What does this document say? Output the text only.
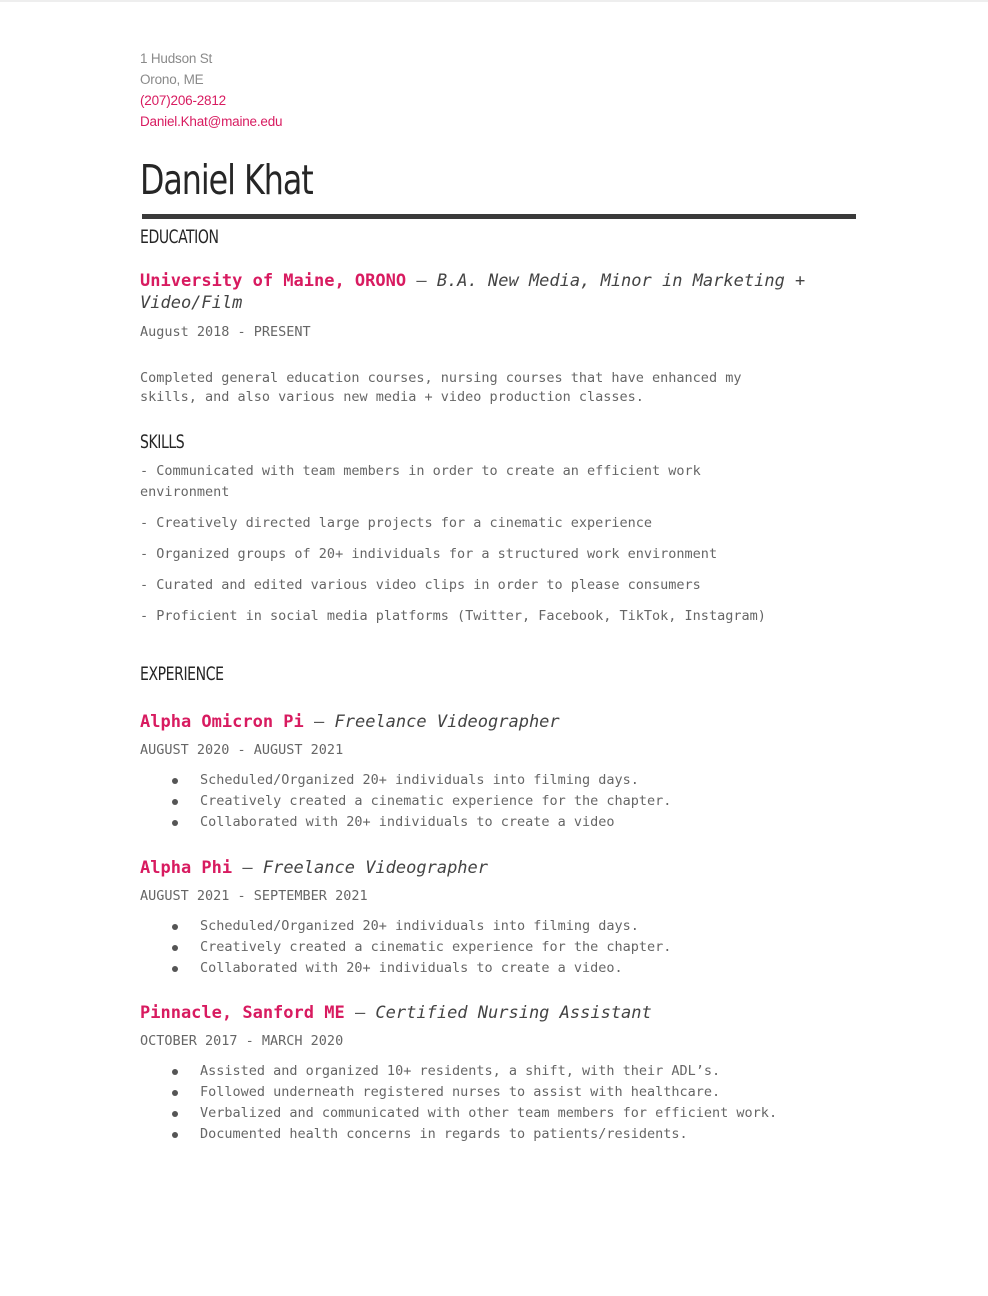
1 Hudson St
Orono, ME
(207)206-2812
Daniel.Khat@maine.edu
Daniel Khat
EDUCATION
University of Maine, ORONO — B.A. New Media, Minor in Marketing +
Video/Film
August 2018 - PRESENT
Completed general education courses, nursing courses that have enhanced my
skills, and also various new media + video production classes.
SKILLS
- Communicated with team members in order to create an efficient work
environment
- Creatively directed large projects for a cinematic experience
- Organized groups of 20+ individuals for a structured work environment
- Curated and edited various video clips in order to please consumers
- Proficient in social media platforms (Twitter, Facebook, TikTok, Instagram)
EXPERIENCE
Alpha Omicron Pi — Freelance Videographer
AUGUST 2020 - AUGUST 2021
Scheduled/Organized 20+ individuals into filming days.
Creatively created a cinematic experience for the chapter.
Collaborated with 20+ individuals to create a video
Alpha Phi — Freelance Videographer
AUGUST 2021 - SEPTEMBER 2021
Scheduled/Organized 20+ individuals into filming days.
Creatively created a cinematic experience for the chapter.
Collaborated with 20+ individuals to create a video.
Pinnacle, Sanford ME — Certified Nursing Assistant
OCTOBER 2017 - MARCH 2020
Assisted and organized 10+ residents, a shift, with their ADL’s.
Followed underneath registered nurses to assist with healthcare.
Verbalized and communicated with other team members for efficient work.
Documented health concerns in regards to patients/residents.
